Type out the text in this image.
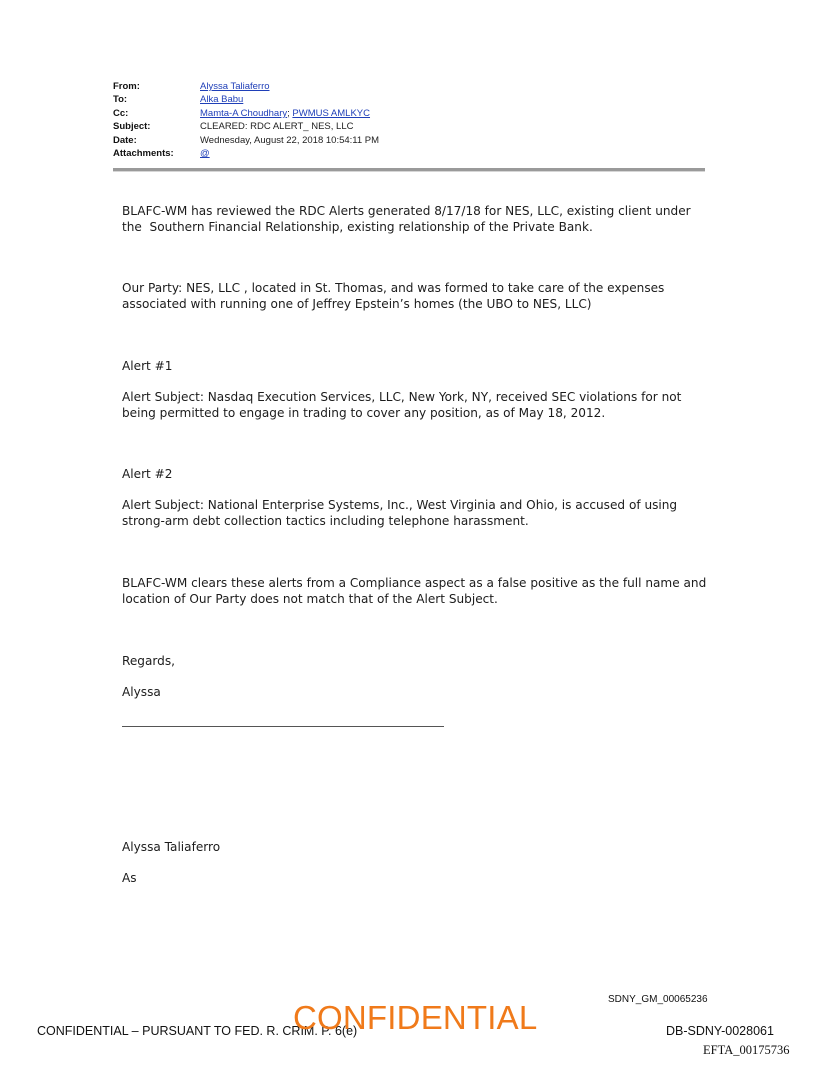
From:	Alyssa Taliaferro
To:	Alka Babu
Cc:	Mamta-A Choudhary; PWMUS AMLKYC
Subject:	CLEARED: RDC ALERT_ NES, LLC
Date:	Wednesday, August 22, 2018 10:54:11 PM
Attachments:	@

BLAFC-WM has reviewed the RDC Alerts generated 8/17/18 for NES, LLC, existing client under the  Southern Financial Relationship, existing relationship of the Private Bank.

Our Party: NES, LLC , located in St. Thomas, and was formed to take care of the expenses associated with running one of Jeffrey Epstein’s homes (the UBO to NES, LLC)

Alert #1

Alert Subject: Nasdaq Execution Services, LLC, New York, NY, received SEC violations for not being permitted to engage in trading to cover any position, as of May 18, 2012.

Alert #2

Alert Subject: National Enterprise Systems, Inc., West Virginia and Ohio, is accused of using strong-arm debt collection tactics including telephone harassment.

BLAFC-WM clears these alerts from a Compliance aspect as a false positive as the full name and location of Our Party does not match that of the Alert Subject.

Regards,

Alyssa

Alyssa Taliaferro

As

SDNY_GM_00065236
CONFIDENTIAL – PURSUANT TO FED. R. CRIM. P. 6(e)
CONFIDENTIAL	DB-SDNY-0028061
EFTA_00175736
